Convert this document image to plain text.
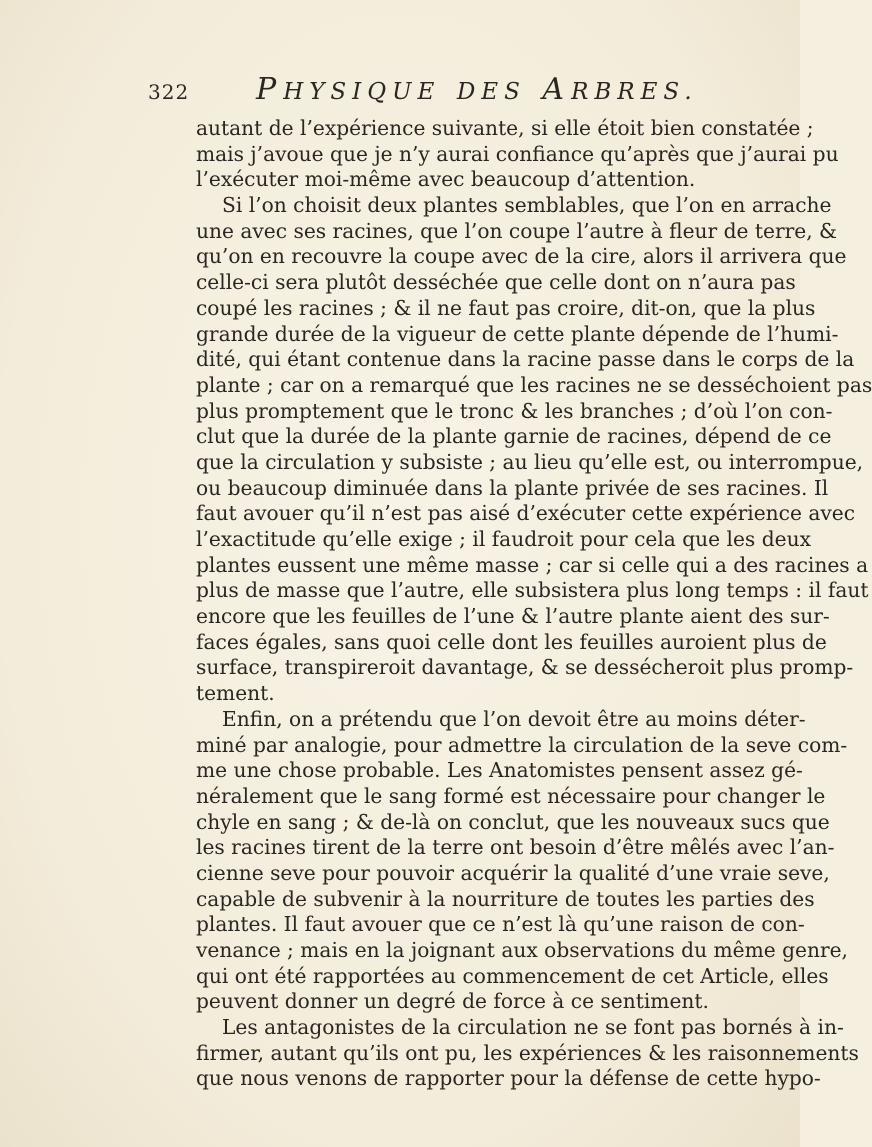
322 PHYSIQUE DES ARBRES.
autant de l’expérience suivante, si elle étoit bien constatée ;
mais j’avoue que je n’y aurai confiance qu’après que j’aurai pu
l’exécuter moi-même avec beaucoup d’attention.
Si l’on choisit deux plantes semblables, que l’on en arrache
une avec ses racines, que l’on coupe l’autre à fleur de terre, &
qu’on en recouvre la coupe avec de la cire, alors il arrivera que
celle-ci sera plutôt desséchée que celle dont on n’aura pas
coupé les racines ; & il ne faut pas croire, dit-on, que la plus
grande durée de la vigueur de cette plante dépende de l’humi-
dité, qui étant contenue dans la racine passe dans le corps de la
plante ; car on a remarqué que les racines ne se desséchoient pas
plus promptement que le tronc & les branches ; d’où l’on con-
clut que la durée de la plante garnie de racines, dépend de ce
que la circulation y subsiste ; au lieu qu’elle est, ou interrompue,
ou beaucoup diminuée dans la plante privée de ses racines. Il
faut avouer qu’il n’est pas aisé d’exécuter cette expérience avec
l’exactitude qu’elle exige ; il faudroit pour cela que les deux
plantes eussent une même masse ; car si celle qui a des racines a
plus de masse que l’autre, elle subsistera plus long temps : il faut
encore que les feuilles de l’une & l’autre plante aient des sur-
faces égales, sans quoi celle dont les feuilles auroient plus de
surface, transpireroit davantage, & se dessécheroit plus promp-
tement.
Enfin, on a prétendu que l’on devoit être au moins déter-
miné par analogie, pour admettre la circulation de la seve com-
me une chose probable. Les Anatomistes pensent assez gé-
néralement que le sang formé est nécessaire pour changer le
chyle en sang ; & de-là on conclut, que les nouveaux sucs que
les racines tirent de la terre ont besoin d’être mêlés avec l’an-
cienne seve pour pouvoir acquérir la qualité d’une vraie seve,
capable de subvenir à la nourriture de toutes les parties des
plantes. Il faut avouer que ce n’est là qu’une raison de con-
venance ; mais en la joignant aux observations du même genre,
qui ont été rapportées au commencement de cet Article, elles
peuvent donner un degré de force à ce sentiment.
Les antagonistes de la circulation ne se font pas bornés à in-
firmer, autant qu’ils ont pu, les expériences & les raisonnements
que nous venons de rapporter pour la défense de cette hypo-
